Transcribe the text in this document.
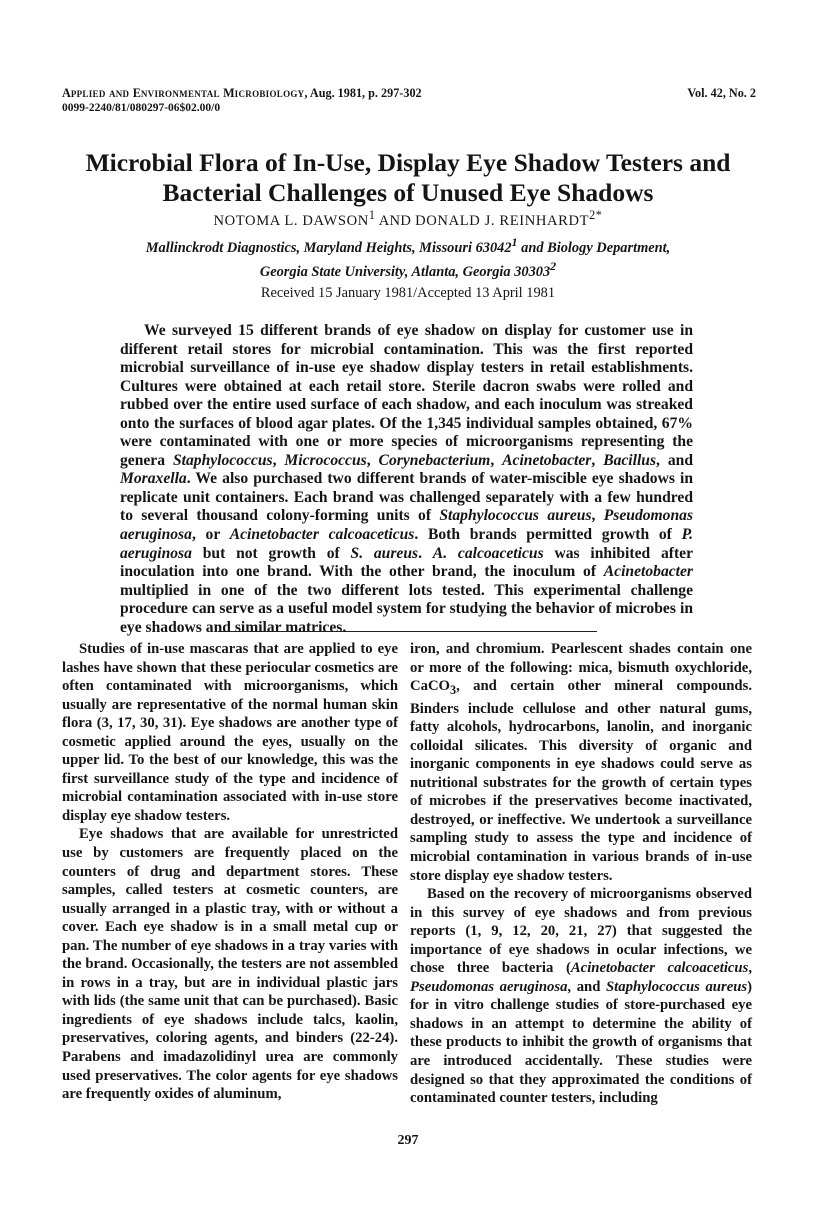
Applied and Environmental Microbiology, Aug. 1981, p. 297-302
0099-2240/81/080297-06$02.00/0
Vol. 42, No. 2
Microbial Flora of In-Use, Display Eye Shadow Testers and
Bacterial Challenges of Unused Eye Shadows
NOTOMA L. DAWSON$^1$ AND DONALD J. $REINHARDT^{2*}$
Mallinckrodt Diagnostics, Maryland Heights, Missouri 63042$^1$ and Biology Department,
Georgia State University, Atlanta, Georgia 30303$^2$
Received 15 January 1981/Accepted 13 April 1981

We surveyed 15 different brands of eye shadow on display for customer use in different retail stores for microbial contamination. This was the first reported microbial surveillance of in-use eye shadow display testers in retail establishments. Cultures were obtained at each retail store. Sterile dacron swabs were rolled and rubbed over the entire used surface of each shadow, and each inoculum was streaked onto the surfaces of blood agar plates. Of the 1,345 individual samples obtained, 67% were contaminated with one or more species of microorganisms representing the genera Staphylococcus, Micrococcus, Corynebacterium, Acinetobacter, Bacillus, and Moraxella. We also purchased two different brands of water-miscible eye shadows in replicate unit containers. Each brand was challenged separately with a few hundred to several thousand colony-forming units of Staphylococcus aureus, Pseudomonas aeruginosa, or Acinetobacter calcoaceticus. Both brands permitted growth of P. aeruginosa but not growth of S. aureus. A. calcoaceticus was inhibited after inoculation into one brand. With the other brand, the inoculum of Acinetobacter multiplied in one of the two different lots tested. This experimental challenge procedure can serve as a useful model system for studying the behavior of microbes in eye shadows and similar matrices.

Studies of in-use mascaras that are applied to eye lashes have shown that these periocular cosmetics are often contaminated with microorganisms, which usually are representative of the normal human skin flora (3, 17, 30, 31). Eye shadows are another type of cosmetic applied around the eyes, usually on the upper lid. To the best of our knowledge, this was the first surveillance study of the type and incidence of microbial contamination associated with in-use store display eye shadow testers.

Eye shadows that are available for unrestricted use by customers are frequently placed on the counters of drug and department stores. These samples, called testers at cosmetic counters, are usually arranged in a plastic tray, with or without a cover. Each eye shadow is in a small metal cup or pan. The number of eye shadows in a tray varies with the brand. Occasionally, the testers are not assembled in rows in a tray, but are in individual plastic jars with lids (the same unit that can be purchased). Basic ingredients of eye shadows include talcs, kaolin, preservatives, coloring agents, and binders (22-24). Parabens and imadazolidinyl urea are commonly used preservatives. The color agents for eye shadows are frequently oxides of aluminum,

iron, and chromium. Pearlescent shades contain one or more of the following: mica, bismuth oxychloride, CaCO$_3$, and certain other mineral compounds. Binders include cellulose and other natural gums, fatty alcohols, hydrocarbons, lanolin, and inorganic colloidal silicates. This diversity of organic and inorganic components in eye shadows could serve as nutritional substrates for the growth of certain types of microbes if the preservatives become inactivated, destroyed, or ineffective. We undertook a surveillance sampling study to assess the type and incidence of microbial contamination in various brands of in-use store display eye shadow testers.

Based on the recovery of microorganisms observed in this survey of eye shadows and from previous reports (1, 9, 12, 20, 21, 27) that suggested the importance of eye shadows in ocular infections, we chose three bacteria (Acinetobacter calcoaceticus, Pseudomonas aeruginosa, and Staphylococcus aureus) for in vitro challenge studies of store-purchased eye shadows in an attempt to determine the ability of these products to inhibit the growth of organisms that are introduced accidentally. These studies were designed so that they approximated the conditions of contaminated counter testers, including

297
